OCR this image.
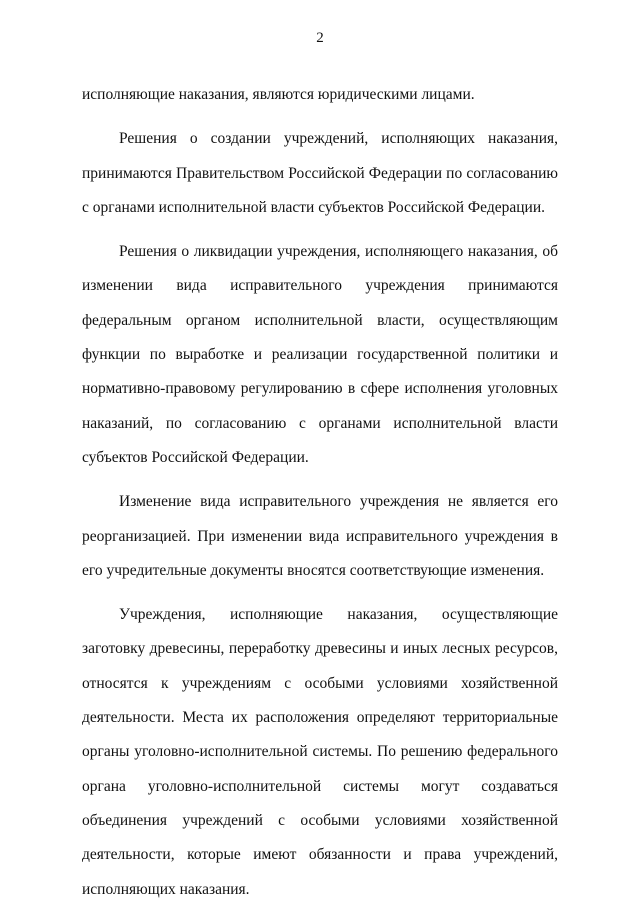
2

исполняющие наказания, являются юридическими лицами.

Решения о создании учреждений, исполняющих наказания, принимаются Правительством Российской Федерации по согласованию с органами исполнительной власти субъектов Российской Федерации.

Решения о ликвидации учреждения, исполняющего наказания, об изменении вида исправительного учреждения принимаются федеральным органом исполнительной власти, осуществляющим функции по выработке и реализации государственной политики и нормативно-правовому регулированию в сфере исполнения уголовных наказаний, по согласованию с органами исполнительной власти субъектов Российской Федерации.

Изменение вида исправительного учреждения не является его реорганизацией. При изменении вида исправительного учреждения в его учредительные документы вносятся соответствующие изменения.

Учреждения, исполняющие наказания, осуществляющие заготовку древесины, переработку древесины и иных лесных ресурсов, относятся к учреждениям с особыми условиями хозяйственной деятельности. Места их расположения определяют территориальные органы уголовно-исполнительной системы. По решению федерального органа уголовно-исполнительной системы могут создаваться объединения учреждений с особыми условиями хозяйственной деятельности, которые имеют обязанности и права учреждений, исполняющих наказания.
